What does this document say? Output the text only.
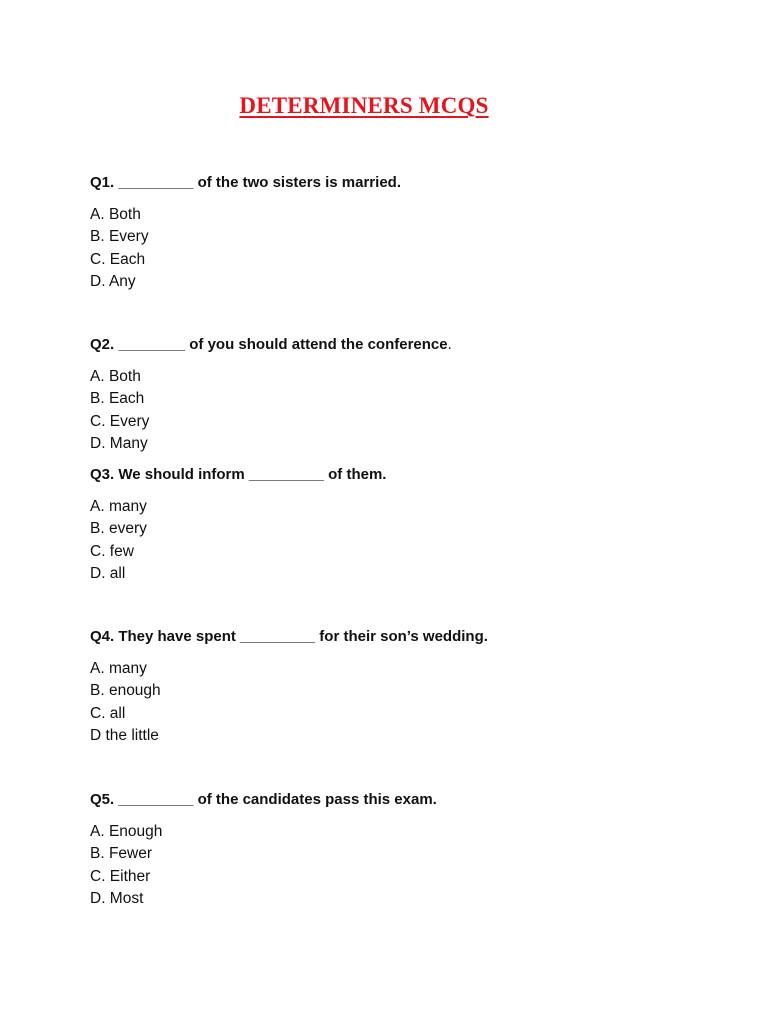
DETERMINERS MCQS

Q1. _________ of the two sisters is married.

A. Both
B. Every
C. Each
D. Any

Q2. ________ of you should attend the conference.

A. Both
B. Each
C. Every
D. Many

Q3. We should inform _________ of them.

A. many
B. every
C. few
D. all

Q4. They have spent _________ for their son’s wedding.

A. many
B. enough
C. all
D the little

Q5. _________ of the candidates pass this exam.

A. Enough
B. Fewer
C. Either
D. Most
